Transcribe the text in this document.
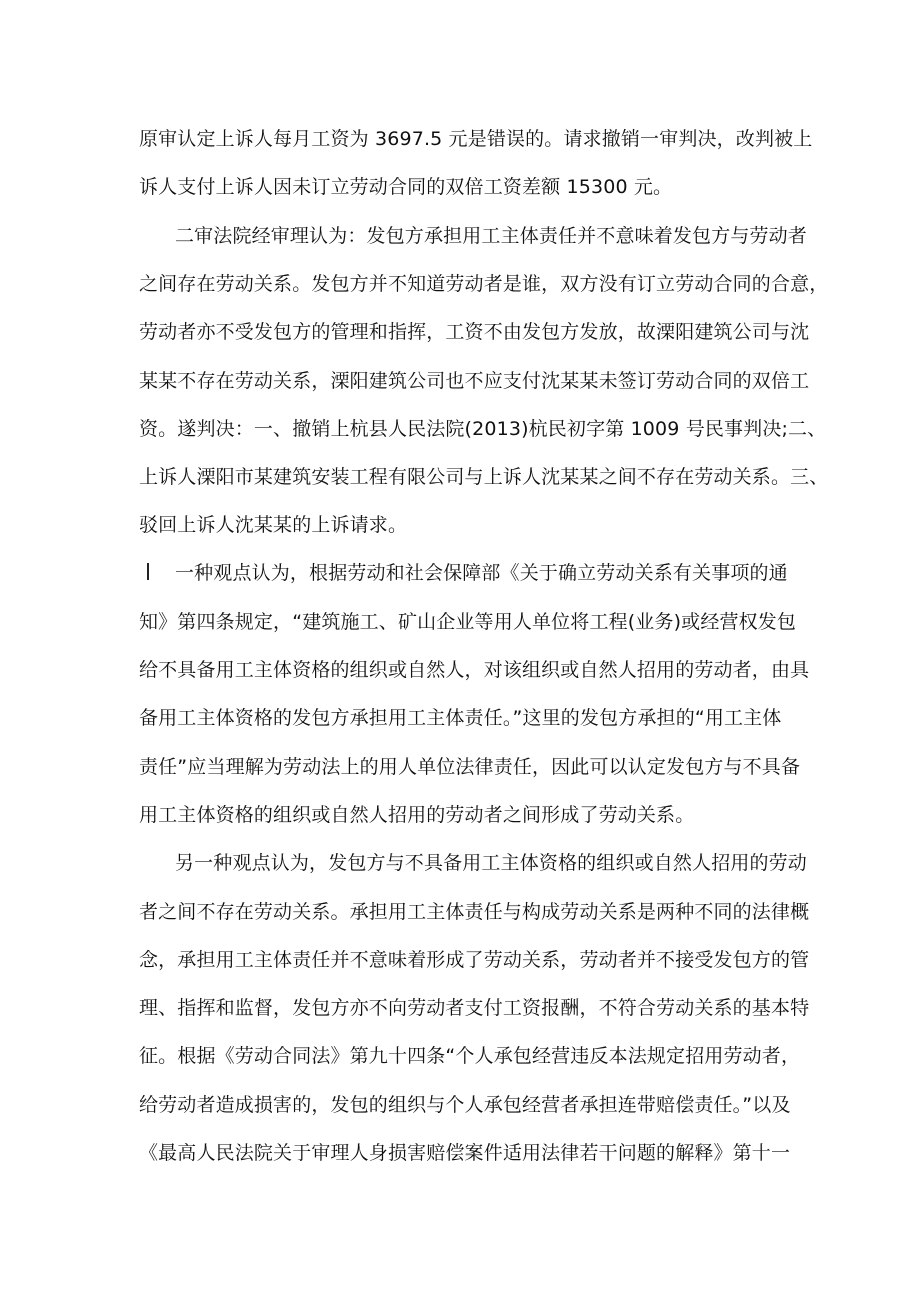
原审认定上诉人每月工资为 3697.5 元是错误的。请求撤销一审判决，改判被上
诉人支付上诉人因未订立劳动合同的双倍工资差额 15300 元。
二审法院经审理认为：发包方承担用工主体责任并不意味着发包方与劳动者
之间存在劳动关系。发包方并不知道劳动者是谁，双方没有订立劳动合同的合意，
劳动者亦不受发包方的管理和指挥，工资不由发包方发放，故溧阳建筑公司与沈
某某不存在劳动关系，溧阳建筑公司也不应支付沈某某未签订劳动合同的双倍工
资。遂判决：一、撤销上杭县人民法院(2013)杭民初字第 1009 号民事判决;二、
上诉人溧阳市某建筑安装工程有限公司与上诉人沈某某之间不存在劳动关系。三、
驳回上诉人沈某某的上诉请求。
一种观点认为，根据劳动和社会保障部《关于确立劳动关系有关事项的通
知》第四条规定，“建筑施工、矿山企业等用人单位将工程(业务)或经营权发包
给不具备用工主体资格的组织或自然人，对该组织或自然人招用的劳动者，由具
备用工主体资格的发包方承担用工主体责任。”这里的发包方承担的“用工主体
责任”应当理解为劳动法上的用人单位法律责任，因此可以认定发包方与不具备
用工主体资格的组织或自然人招用的劳动者之间形成了劳动关系。
另一种观点认为，发包方与不具备用工主体资格的组织或自然人招用的劳动
者之间不存在劳动关系。承担用工主体责任与构成劳动关系是两种不同的法律概
念，承担用工主体责任并不意味着形成了劳动关系，劳动者并不接受发包方的管
理、指挥和监督，发包方亦不向劳动者支付工资报酬，不符合劳动关系的基本特
征。根据《劳动合同法》第九十四条“个人承包经营违反本法规定招用劳动者，
给劳动者造成损害的，发包的组织与个人承包经营者承担连带赔偿责任。”以及
《最高人民法院关于审理人身损害赔偿案件适用法律若干问题的解释》第十一
